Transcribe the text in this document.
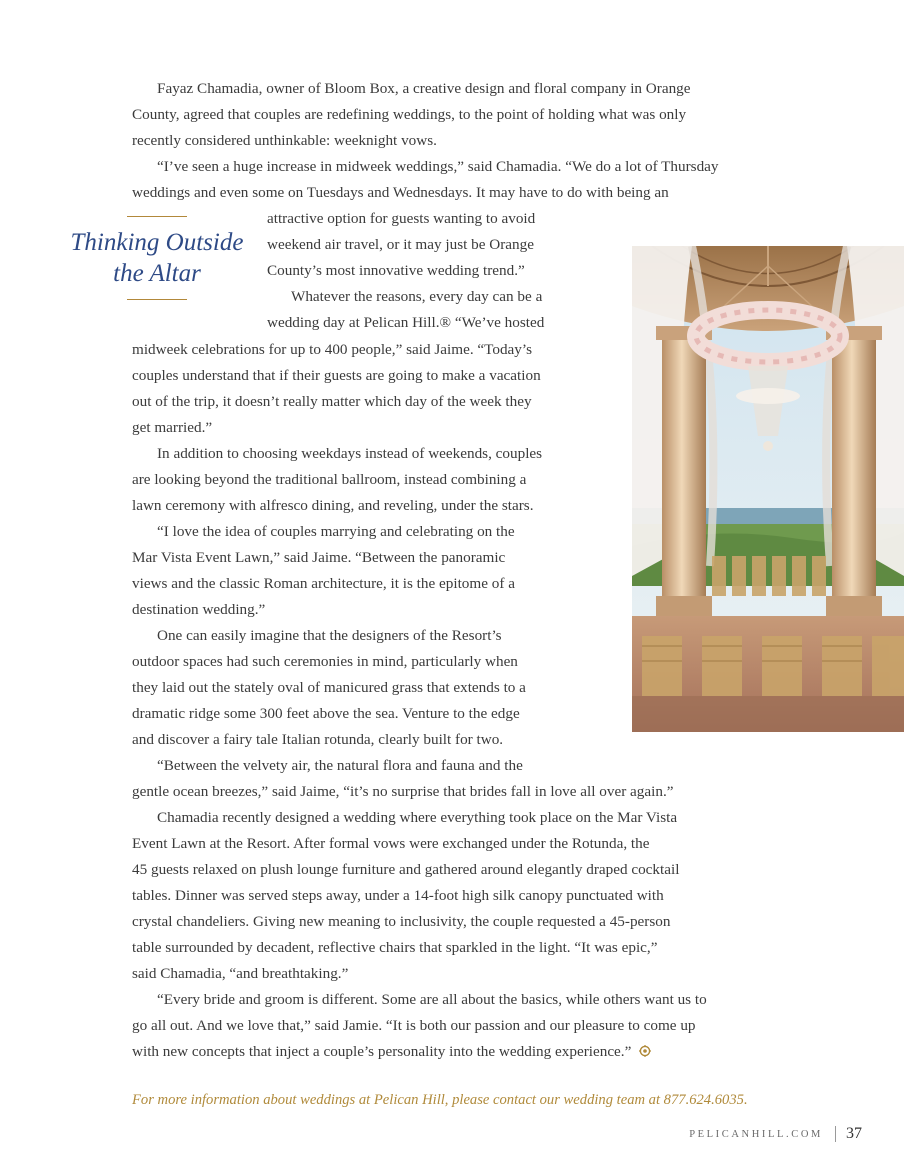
Fayaz Chamadia, owner of Bloom Box, a creative design and floral company in Orange
County, agreed that couples are redefining weddings, to the point of holding what was only
recently considered unthinkable: weeknight vows.
“I’ve seen a huge increase in midweek weddings,” said Chamadia. “We do a lot of Thursday
weddings and even some on Tuesdays and Wednesdays. It may have to do with being an
attractive option for guests wanting to avoid
weekend air travel, or it may just be Orange
County’s most innovative wedding trend.”
Whatever the reasons, every day can be a
wedding day at Pelican Hill.® “We’ve hosted
midweek celebrations for up to 400 people,” said Jaime. “Today’s
couples understand that if their guests are going to make a vacation
out of the trip, it doesn’t really matter which day of the week they
get married.”
In addition to choosing weekdays instead of weekends, couples
are looking beyond the traditional ballroom, instead combining a
lawn ceremony with alfresco dining, and reveling, under the stars.
“I love the idea of couples marrying and celebrating on the
Mar Vista Event Lawn,” said Jaime. “Between the panoramic
views and the classic Roman architecture, it is the epitome of a
destination wedding.”
One can easily imagine that the designers of the Resort’s
outdoor spaces had such ceremonies in mind, particularly when
they laid out the stately oval of manicured grass that extends to a
dramatic ridge some 300 feet above the sea. Venture to the edge
and discover a fairy tale Italian rotunda, clearly built for two.
“Between the velvety air, the natural flora and fauna and the
gentle ocean breezes,” said Jaime, “it’s no surprise that brides fall in love all over again.”
Chamadia recently designed a wedding where everything took place on the Mar Vista
Event Lawn at the Resort. After formal vows were exchanged under the Rotunda, the
45 guests relaxed on plush lounge furniture and gathered around elegantly draped cocktail
tables. Dinner was served steps away, under a 14-foot high silk canopy punctuated with
crystal chandeliers. Giving new meaning to inclusivity, the couple requested a 45-person
table surrounded by decadent, reflective chairs that sparkled in the light. “It was epic,”
said Chamadia, “and breathtaking.”
“Every bride and groom is different. Some are all about the basics, while others want us to
go all out. And we love that,” said Jamie. “It is both our passion and our pleasure to come up
with new concepts that inject a couple’s personality into the wedding experience.”
Thinking Outside
the Altar
For more information about weddings at Pelican Hill, please contact our wedding team at 877.624.6035.
PELICANHILL.COM 37
